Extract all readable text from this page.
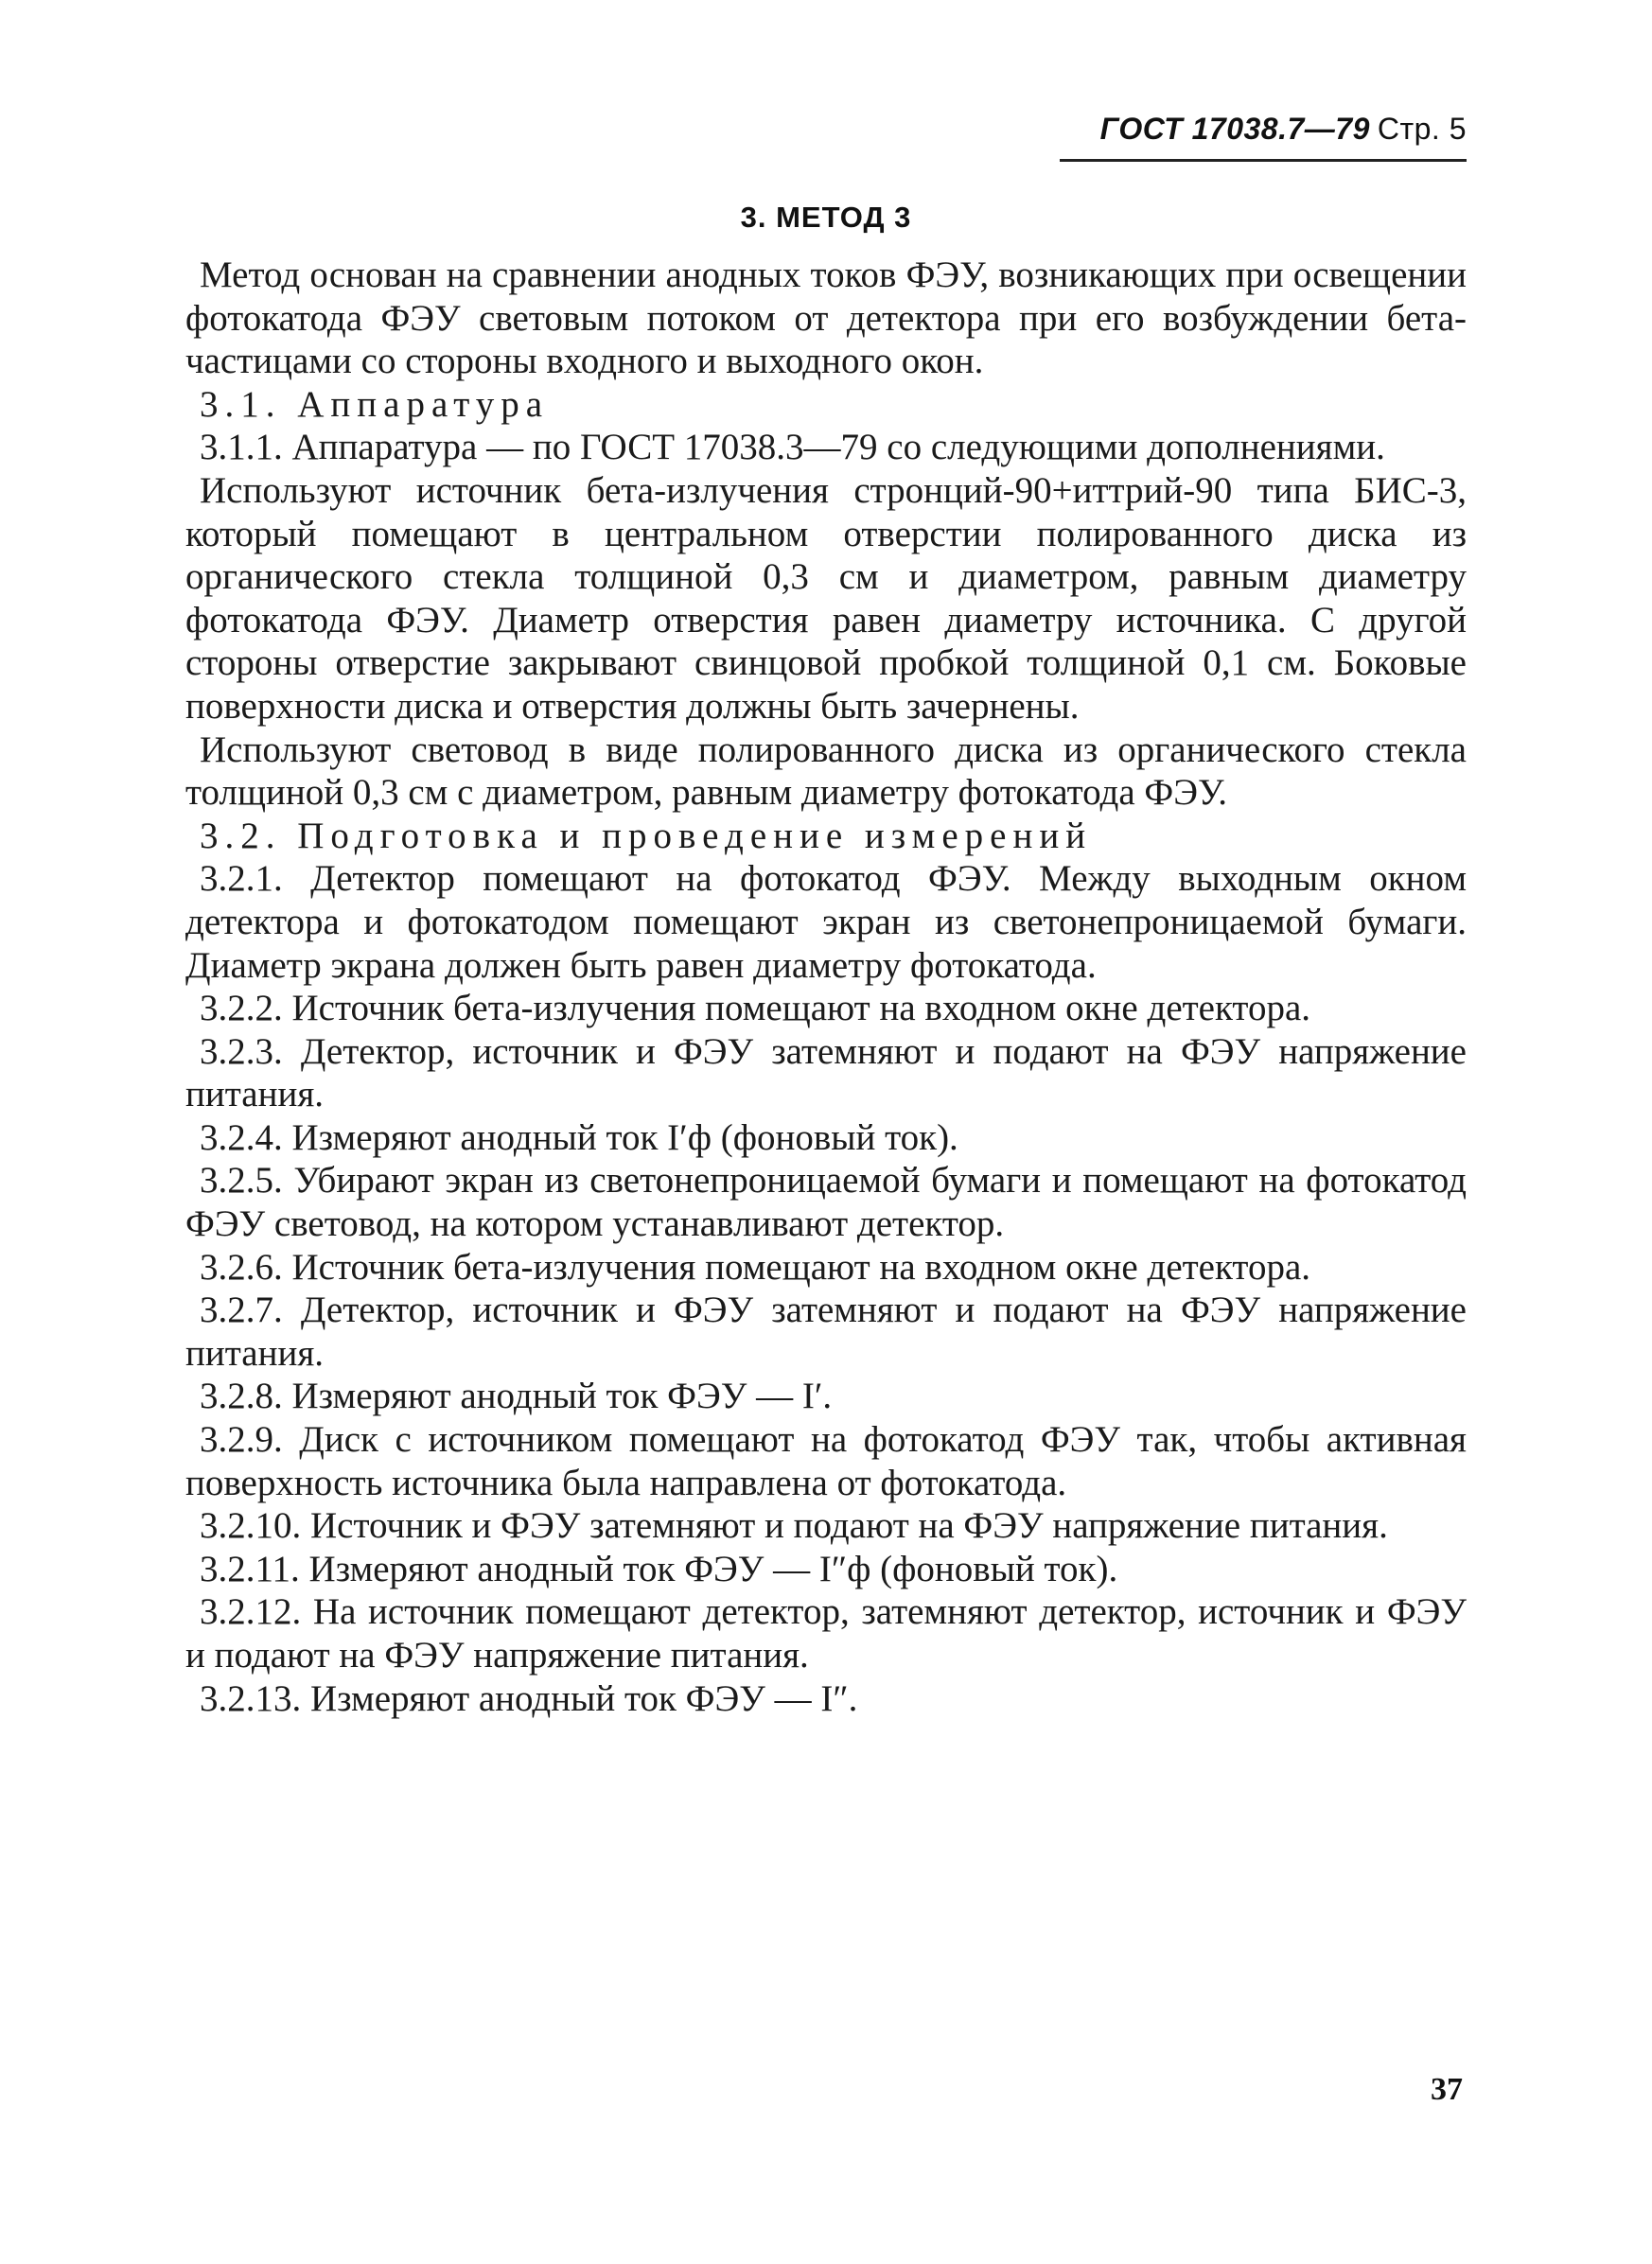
ГОСТ 17038.7—79 Стр. 5
3. МЕТОД 3

Метод основан на сравнении анодных токов ФЭУ, возникающих при освещении фотокатода ФЭУ световым потоком от детектора при его возбуждении бета-частицами со стороны входного и выходного окон.

3.1. Аппаратура

3.1.1. Аппаратура — по ГОСТ 17038.3—79 со следующими дополнениями.

Используют источник бета-излучения стронций-90+иттрий-90 типа БИС-3, который помещают в центральном отверстии полированного диска из органического стекла толщиной 0,3 см и диаметром, равным диаметру фотокатода ФЭУ. Диаметр отверстия равен диаметру источника. С другой стороны отверстие закрывают свинцовой пробкой толщиной 0,1 см. Боковые поверхности диска и отверстия должны быть зачернены.

Используют световод в виде полированного диска из органического стекла толщиной 0,3 см с диаметром, равным диаметру фотокатода ФЭУ.

3.2. Подготовка и проведение измерений

3.2.1. Детектор помещают на фотокатод ФЭУ. Между выходным окном детектора и фотокатодом помещают экран из светонепроницаемой бумаги. Диаметр экрана должен быть равен диаметру фотокатода.

3.2.2. Источник бета-излучения помещают на входном окне детектора.

3.2.3. Детектор, источник и ФЭУ затемняют и подают на ФЭУ напряжение питания.

3.2.4. Измеряют анодный ток I′ф (фоновый ток).

3.2.5. Убирают экран из светонепроницаемой бумаги и помещают на фотокатод ФЭУ световод, на котором устанавливают детектор.

3.2.6. Источник бета-излучения помещают на входном окне детектора.

3.2.7. Детектор, источник и ФЭУ затемняют и подают на ФЭУ напряжение питания.

3.2.8. Измеряют анодный ток ФЭУ — I′.

3.2.9. Диск с источником помещают на фотокатод ФЭУ так, чтобы активная поверхность источника была направлена от фотокатода.

3.2.10. Источник и ФЭУ затемняют и подают на ФЭУ напряжение питания.

3.2.11. Измеряют анодный ток ФЭУ — I″ф (фоновый ток).

3.2.12. На источник помещают детектор, затемняют детектор, источник и ФЭУ и подают на ФЭУ напряжение питания.

3.2.13. Измеряют анодный ток ФЭУ — I″.

37
